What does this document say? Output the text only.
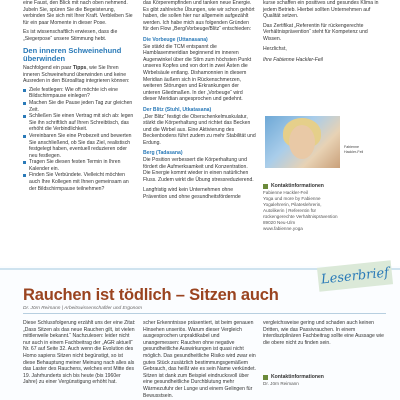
eine Faust, den Blick mit nach oben nehmend. Jubeln Sie, spüren Sie die Begeisterung, verbinden Sie sich mit Ihrer Kraft. Verbleiben Sie für ein paar Momente in dieser Pose.

Es ist wissenschaftlich erwiesen, dass die „Siegerpose“ unsere Stimmung hebt.

Den inneren Schweinehund überwinden

Nachfolgend ein paar Tipps, wie Sie Ihren inneren Schweinehund überwinden und keine Ausreden in den Büroalltag integrieren können:

Ziele festlegen: Wie oft möchte ich eine Bildschirmpause einlegen?
Machen Sie die Pause jeden Tag zur gleichen Zeit.
Schließen Sie einen Vertrag mit sich ab: legen Sie ihn schriftlich auf Ihren Schreibtisch, das erhöht die Verbindlichkeit.
Vereinbaren Sie eine Probezeit und bewerten Sie anschließend, ob Sie das Ziel, realistisch festgelegt haben, eventuell reduzieren oder neu festlegen.
Tragen Sie diesen festen Termin in Ihren Kalender ein.
Finden Sie Verbündete. Vielleicht möchten auch Ihre Kollegen mit Ihnen gemeinsam an der Bildschirmpause teilnehmen?

das Körperempfinden und tanken neue Energie. Es gibt zahlreiche Übungen, wie wir schon gehört haben, die sollen hier nur allgemein aufgezählt werden. Ich habe mich aus folgenden Gründen für den Flow „Berg/Vorbeuge/Blitz“ entschieden:

Die Vorbeuge (Uttanasana)

Sie stärkt die TCM entspannt die Hamblasenmeridian beginnend im inneren Augenwinkel über die Stirn zum höchsten Punkt unseres Kopfes und von dort in zwei Ästen die Wirbelsäule entlang. Dishamonnien in diesem Meridian äußern sich in Rückenschmerzen, weiteren Störungen und Erkrankungen der unteren Gliedmaßen. In der „Vorbeuge“ wird dieser Meridian angesprochen und gedehnt.

Der Blitz (Stuhl, Utkatasana)

„Der Blitz“ festigt die Oberschenkelmuskulatur, stärkt die Körperhaltung und richtet das Becken und die Wirbel aus. Eine Aktivierung des Beckenbodens führt zudem zu mehr Stabilität und Erdung.

Berg (Tadasana)

Die Position verbessert die Körperhaltung und fördert die Aufmerksamkeit und Konzentration. Die Energie kommt wieder in einen natürlichen Fluss. Zudem wirkt die Übung stressreduzierend.

Langfristig wird kein Unternehmen ohne Prävention und ohne gesundheitsfördernde

kurse schaffen ein positives und gesundes Klima in jedem Betrieb. Hierbei sollten Unternehmen auf Qualität setzen.

Das Zertifikat „Referentin für rückengerechte Verhältnisprävention“ steht für Kompetenz und Wissen.

Herzlichst,

Ihre Fabienne Hackler-Feil

Fabienne
Hackler-Feil
Kontaktinformationen

Fabienne Hackler-Feil

Yoga und more by Fabienne

Yogalehrerin, Pilateslehrerin,

Autolikerin | Referentin für

rückengerechte Verhältnisprävention

89020 Neu-Ulm

www.fabienne.yoga

Leserbrief
Rauchen ist tödlich – Sitzen auch
Dr. Jörn Reimann | Arbeitswissenschaftler und Ergonom

Diese Schlussfolgerung erzählt uns der eine Zitat: „Dass Sitzen als das neue Rauchen gilt, ist vielen mittlerweile bekannt.“ Nachzulesen: leider nicht nur auch in einem Fachbeitrag der „AGR aktuell“ Nr. 67 auf Seite 32. Auch wenn die Evolution des Homo sapiens Sitzen nicht begünstigt, so ist diese Behauptung meiner Meinung nach alles als das Laster des Rauchens, welches erst Mitte des 19. Jahrhunderts sich bis heute (bis 1960er Jahre) zu einer Vergünstigung erhöht hat.

scher Erkenntnisse präsentiert, ist beim genauen Hinsehen unseriös. Warum dieser Vergleich ausgesprochen unpraktikabel und unangemessen: Rauchen ohne negative gesundheitliche Auswirkungen ist quasi nicht möglich. Das gesundheitliche Risiko wird zwar ein gutes Stück zusätzlich bestimmungsgemäßem Gebrauch, das heißt wie es sein Name verkündet. Sitzen ist dank zum Beispiel eindrucksvoll über eine gesundheitliche Durchblutung mehr Wärmezufuhr der Lunge und einem Gelingen für Bewusstsein.

vergleichsweise gering und schaden auch keinen Dritten, wie das Passivrauchen. In einem interdisziplinären Fachbeitrag sollte eine Aussage wie die obere nicht zu finden sein.

Kontaktinformationen

Dr. Jörn Reimann
